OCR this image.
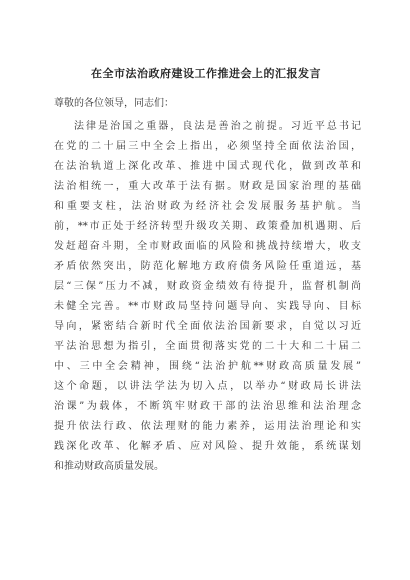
在全市法治政府建设工作推进会上的汇报发言
尊敬的各位领导，同志们：
法律是治国之重器，良法是善治之前提。习近平总书记
在党的二十届三中全会上指出，必须坚持全面依法治国，
在法治轨道上深化改革、推进中国式现代化，做到改革和
法治相统一，重大改革于法有据。财政是国家治理的基础
和重要支柱，法治财政为经济社会发展服务基护航。当
前，**市正处于经济转型升级攻关期、政策叠加机遇期、后
发赶超奋斗期，全市财政面临的风险和挑战持续增大，收支
矛盾依然突出，防范化解地方政府债务风险任重道远，基
层“三保”压力不减，财政资金绩效有待提升，监督机制尚
未健全完善。**市财政局坚持问题导向、实践导向、目标
导向，紧密结合新时代全面依法治国新要求，自觉以习近
平法治思想为指引，全面贯彻落实党的二十大和二十届二
中、三中全会精神，围绕“法治护航**财政高质量发展”
这个命题，以讲法学法为切入点，以举办“财政局长讲法
治课”为载体，不断筑牢财政干部的法治思维和法治理念
提升依法行政、依法理财的能力素养，运用法治理论和实
践深化改革、化解矛盾、应对风险、提升效能，系统谋划
和推动财政高质量发展。
